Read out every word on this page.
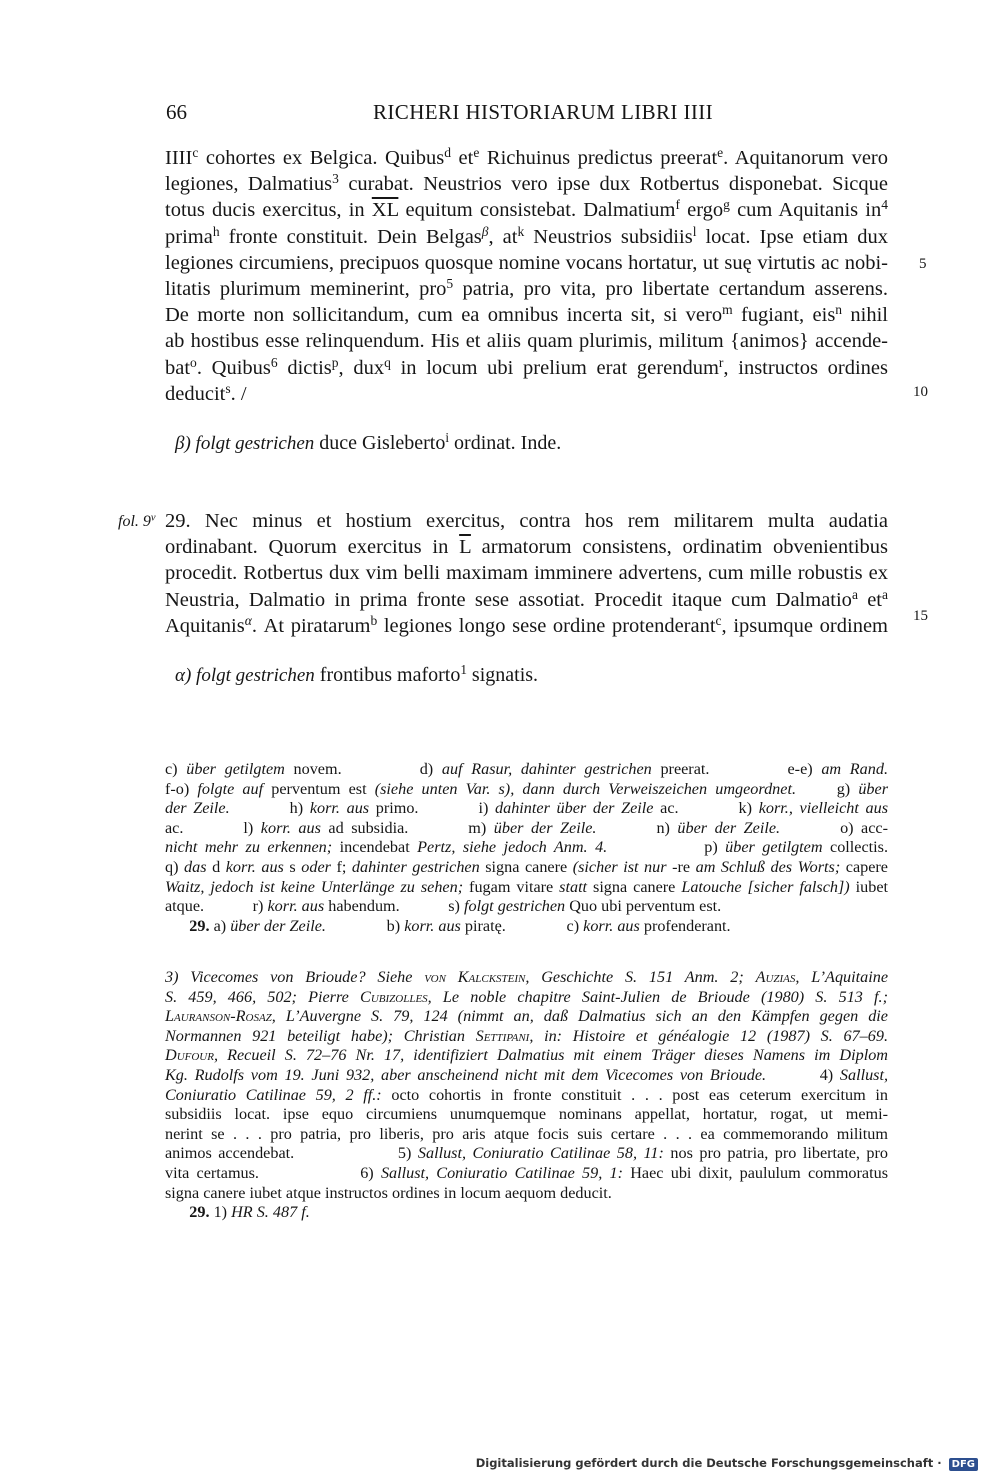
66	RICHERI HISTORIARUM LIBRI IIII
IIII$^c$ cohortes ex Belgica. Quibus$^d$ $et^e$ Richuinus predictus preerat$^e$. Aquitanorum vero
legiones, Dalmatius$^3$ curabat. Neustrios vero ipse dux Rotbertus disponebat. Sicque
totus ducis exercitus, in $\overline{XL}$ equitum consistebat. Dalmatium$^f$ ergo$^g$ cum Aquitanis $in^4$
prima$^h$ fronte constituit. Dein Belgas$^\beta$, $at^k$ Neustrios subsidiis$^l$ locat. Ipse etiam dux
legiones circumiens, precipuos quosque nomine vocans hortatur, ut suę virtutis ac nobi-
litatis plurimum meminerint, pro$^5$ patria, pro vita, pro libertate certandum asserens.
De morte non sollicitandum, cum ea omnibus incerta sit, si vero$^m$ fugiant, eis$^n$ nihil
ab hostibus esse relinquendum. His et aliis quam plurimis, militum {animos} accende-
bat$^o$. Quibus$^6$ dictis$^p$, dux$^q$ in locum ubi prelium erat gerendum$^r$, instructos ordines
deducit$^s$. /
5
10
15
β) folgt gestrichen duce Gisleberto$^i$ ordinat. Inde.
fol. 9$^v$ 29. Nec minus et hostium exercitus, contra hos rem militarem multa audatia
ordinabant. Quorum exercitus in $\overline{L}$ armatorum consistens, ordinatim obvenientibus
procedit. Rotbertus dux vim belli maximam imminere advertens, cum mille robustis ex
Neustria, Dalmatio in prima fronte sese assotiat. Procedit itaque cum Dalmatio$^a$ $et^a$
Aquitanis$^\alpha$. At piratarum$^b$ legiones longo sese ordine protenderant$^c$, ipsumque ordinem
α) folgt gestrichen frontibus maforto$^1$ signatis.
c) über getilgtem novem.         d) auf Rasur, dahinter gestrichen preerat.         e-e) am Rand.
f-o) folgte auf perventum est (siehe unten Var. s), dann durch Verweiszeichen umgeordnet.     g) über
der Zeile.         h) korr. aus primo.         i) dahinter über der Zeile ac.         k) korr., vielleicht aus
ac.        l) korr. aus ad subsidia.        m) über der Zeile.        n) über der Zeile.        o) acc-
nicht mehr zu erkennen; incendebat Pertz, siehe jedoch Anm. 4.             p) über getilgtem collectis.
q) das d korr. aus s oder f; dahinter gestrichen signa canere (sicher ist nur -re am Schluß des Worts; capere
Waitz, jedoch ist keine Unterlänge zu sehen; fugam vitare statt signa canere Latouche [sicher falsch]) iubet
atque.            r) korr. aus habendum.            s) folgt gestrichen Quo ubi perventum est.
29. a) über der Zeile.               b) korr. aus piratę.               c) korr. aus profenderant.
3) Vicecomes von Brioude? Siehe von Kalckstein, Geschichte S. 151 Anm. 2; Auzias, L’Aquitaine
S. 459, 466, 502; Pierre Cubizolles, Le noble chapitre Saint-Julien de Brioude (1980) S. 513 f.;
Lauranson-Rosaz, L’Auvergne S. 79, 124 (nimmt an, daß Dalmatius sich an den Kämpfen gegen die
Normannen 921 beteiligt habe); Christian Settipani, in: Histoire et généalogie 12 (1987) S. 67–69.
Dufour, Recueil S. 72–76 Nr. 17, identifiziert Dalmatius mit einem Träger dieses Namens im Diplom
Kg. Rudolfs vom 19. Juni 932, aber anscheinend nicht mit dem Vicecomes von Brioude.        4) Sallust,
Coniuratio Catilinae 59, 2 ff.: octo cohortis in fronte constituit . . . post eas ceterum exercitum in
subsidiis locat. ipse equo circumiens unumquemque nominans appellat, hortatur, rogat, ut memi-
nerint se . . . pro patria, pro liberis, pro aris atque focis suis certare . . . ea commemorando militum
animos accendebat.                5) Sallust, Coniuratio Catilinae 58, 11: nos pro patria, pro libertate, pro
vita certamus.              6) Sallust, Coniuratio Catilinae 59, 1: Haec ubi dixit, paululum commoratus
signa canere iubet atque instructos ordines in locum aequom deducit.
29. 1) HR S. 487 f.
Digitalisierung gefördert durch die Deutsche Forschungsgemeinschaft · DFG
